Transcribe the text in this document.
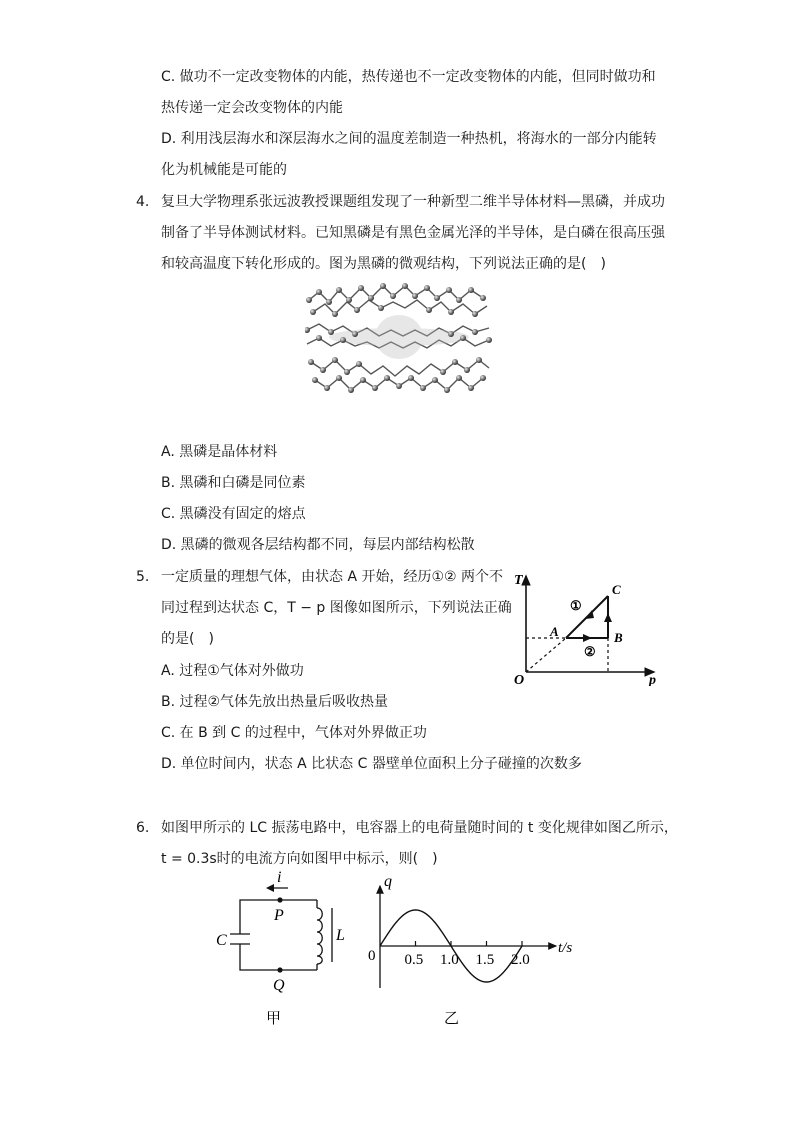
C. 做功不一定改变物体的内能，热传递也不一定改变物体的内能，但同时做功和
热传递一定会改变物体的内能
D. 利用浅层海水和深层海水之间的温度差制造一种热机，将海水的一部分内能转
化为机械能是可能的
4. 复旦大学物理系张远波教授课题组发现了一种新型二维半导体材料—黑磷，并成功
制备了半导体测试材料。已知黑磷是有黑色金属光泽的半导体，是白磷在很高压强
和较高温度下转化形成的。图为黑磷的微观结构，下列说法正确的是(　)
A. 黑磷是晶体材料
B. 黑磷和白磷是同位素
C. 黑磷没有固定的熔点
D. 黑磷的微观各层结构都不同，每层内部结构松散
5. 一定质量的理想气体，由状态 A 开始，经历①② 两个不
同过程到达状态 C，T − p 图像如图所示，下列说法正确
的是(　)
A. 过程①气体对外做功
B. 过程②气体先放出热量后吸收热量
C. 在 B 到 C 的过程中，气体对外界做正功
D. 单位时间内，状态 A 比状态 C 器壁单位面积上分子碰撞的次数多
T
p
O
A	B
C
①
②
6. 如图甲所示的 LC 振荡电路中，电容器上的电荷量随时间的 t 变化规律如图乙所示，
t = 0.3s时的电流方向如图甲中标示，则(　)
i
P
Q
C	L
甲
0.5 1.0 1.5 2.0
q
t/s
0
乙
